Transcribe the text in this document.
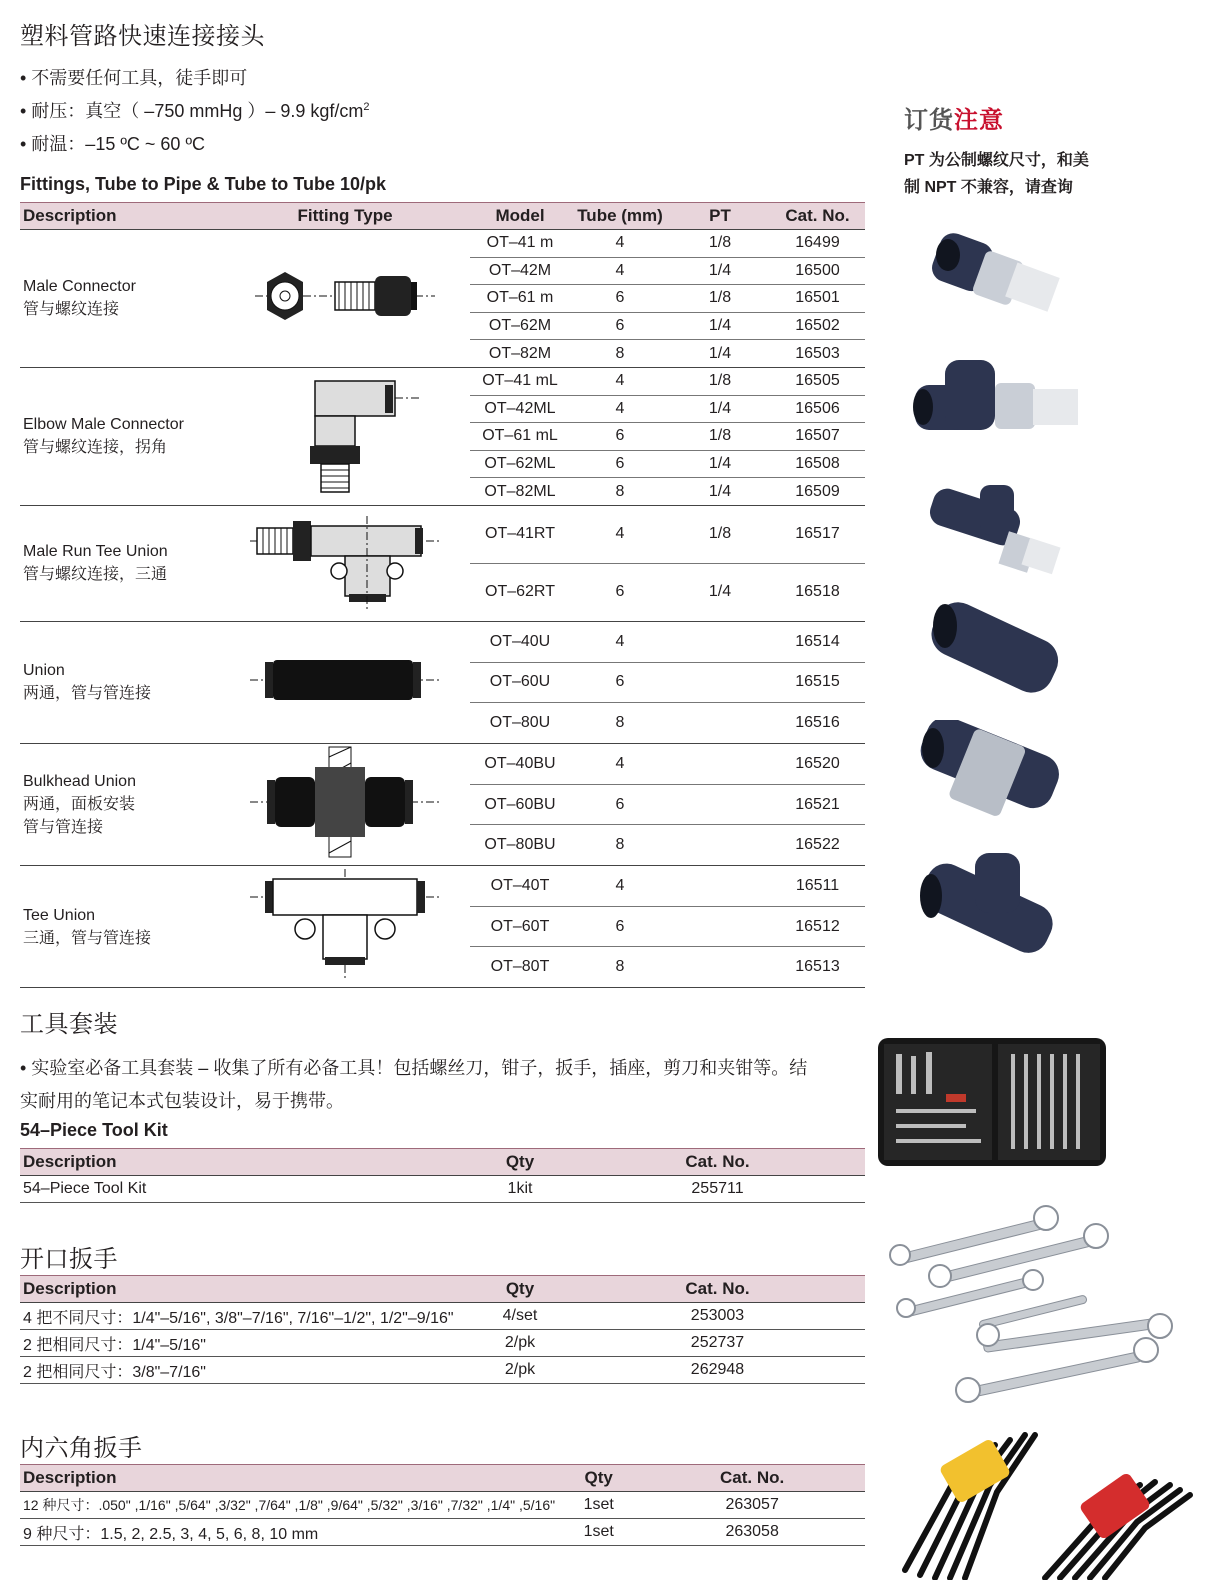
塑料管路快速连接接头
• 不需要任何工具，徒手即可
• 耐压：真空（ –750 mmHg ）– 9.9 kgf/$cm^2$
• 耐温：–15 ºC ~ 60 ºC
订货注意
PT 为公制螺纹尺寸，和美
制 NPT 不兼容，请查询
Fittings, Tube to Pipe & Tube to Tube 10/pk
Description	Fitting Type	Model	Tube (mm)	PT	Cat. No.

Male Connector
管与螺纹连接		OT–41 m	4	1/8	16499
		OT–42M	4	1/4	16500
		OT–61 m	6	1/8	16501
		OT–62M	6	1/4	16502
		OT–82M	8	1/4	16503

Elbow Male Connector
管与螺纹连接，拐角		OT–41 mL	4	1/8	16505
		OT–42ML	4	1/4	16506
		OT–61 mL	6	1/8	16507
		OT–62ML	6	1/4	16508
		OT–82ML	8	1/4	16509

Male Run Tee Union
管与螺纹连接，三通		OT–41RT	4	1/8	16517
		OT–62RT	6	1/4	16518

Union
两通，管与管连接		OT–40U	4		16514
		OT–60U	6		16515
		OT–80U	8		16516

Bulkhead Union
两通，面板安装
管与管连接		OT–40BU	4		16520
		OT–60BU	6		16521
		OT–80BU	8		16522

Tee Union
三通，管与管连接		OT–40T	4		16511
		OT–60T	6		16512
		OT–80T	8		16513
工具套装
• 实验室必备工具套装 – 收集了所有必备工具！包括螺丝刀，钳子，扳手，插座，剪刀和夹钳等。结
实耐用的笔记本式包装设计，易于携带。
54–Piece Tool Kit
Description	Qty	Cat. No.
54–Piece Tool Kit	1kit	255711
开口扳手
Description	Qty	Cat. No.
4 把不同尺寸：1/4"–5/16", 3/8"–7/16", 7/16"–1/2", 1/2"–9/16"	4/set	253003
2 把相同尺寸：1/4"–5/16"	2/pk	252737
2 把相同尺寸：3/8"–7/16"	2/pk	262948
内六角扳手
Description	Qty	Cat. No.
12 种尺寸：.050" ,1/16" ,5/64" ,3/32" ,7/64" ,1/8" ,9/64" ,5/32" ,3/16" ,7/32" ,1/4" ,5/16"	1set	263057
9 种尺寸：1.5, 2, 2.5, 3, 4, 5, 6, 8, 10 mm	1set	263058
